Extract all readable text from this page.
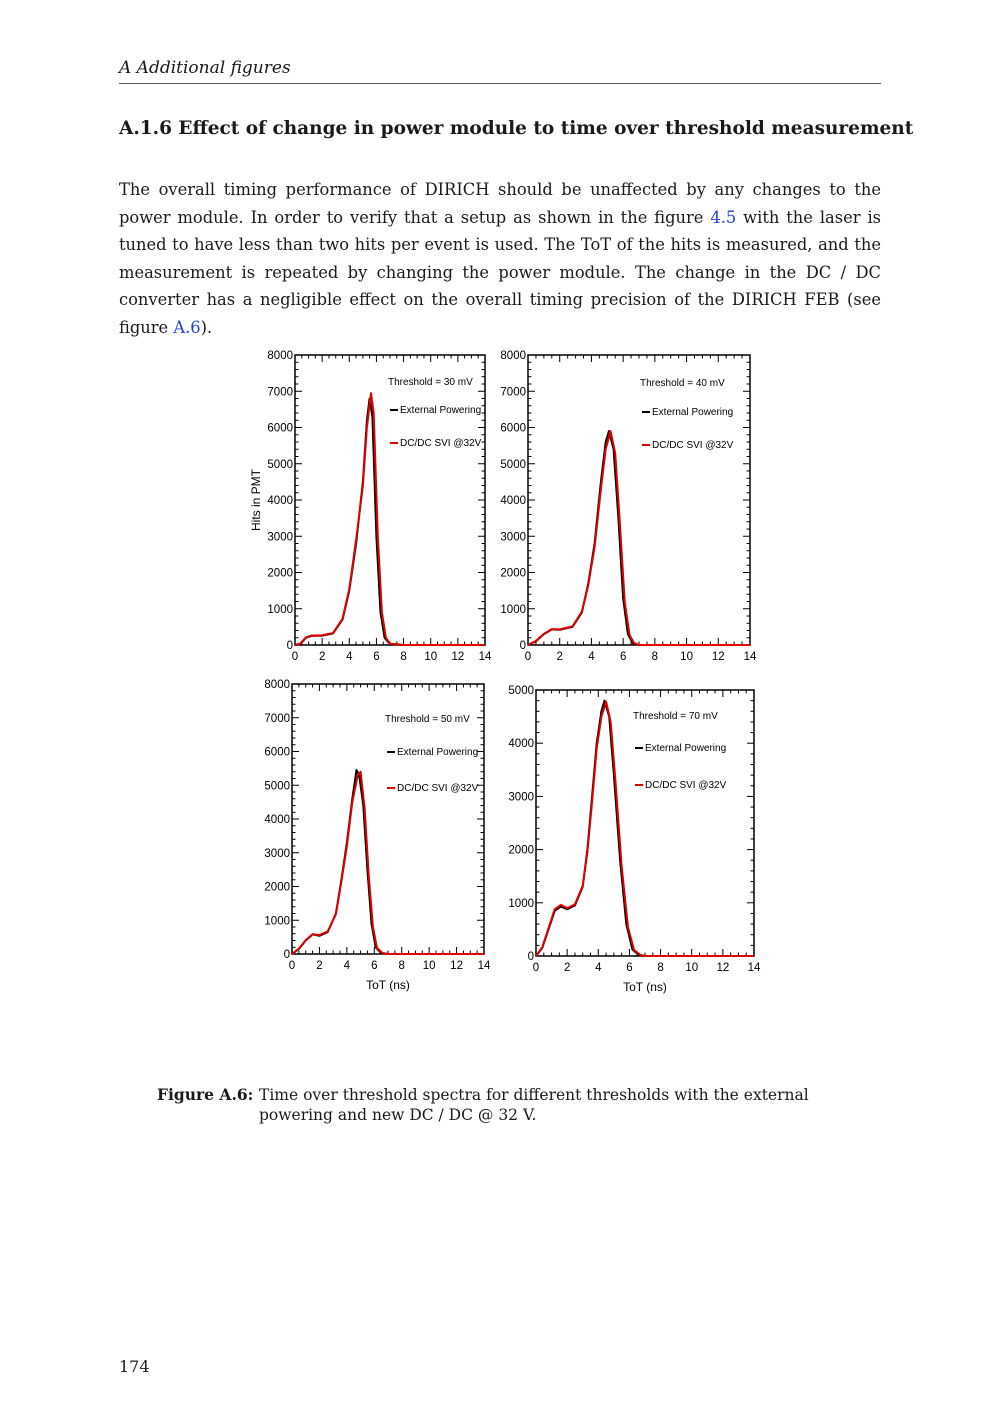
A Additional figures
A.1.6 Effect of change in power module to time over threshold measurement
The overall timing performance of DIRICH should be unaffected by any changes to the power module. In order to verify that a setup as shown in the figure 4.5 with the laser is tuned to have less than two hits per event is used. The ToT of the hits is measured, and the measurement is repeated by changing the power module. The change in the DC / DC converter has a negligible effect on the overall timing precision of the DIRICH FEB (see figure A.6).
0 2 4 6 8 10 12 14
0
1000
2000
3000
4000
5000
6000
7000
8000
Threshold = 30 mV
External Powering
DC/DC SVI @32V
Hits in PMT
0 2 4 6 8 10 12 14
0
1000
2000
3000
4000
5000
6000
7000
8000
Threshold = 40 mV
External Powering
DC/DC SVI @32V
0 2 4 6 8 10 12 14
0
1000
2000
3000
4000
5000
6000
7000
8000
Threshold = 50 mV
External Powering
DC/DC SVI @32V
ToT (ns)
0 2 4 6 8 10 12 14
0
1000
2000
3000
4000
5000
Threshold = 70 mV
External Powering
DC/DC SVI @32V
ToT (ns)
Figure A.6: Time over threshold spectra for different thresholds with the external powering and new DC / DC @ 32 V.
174
